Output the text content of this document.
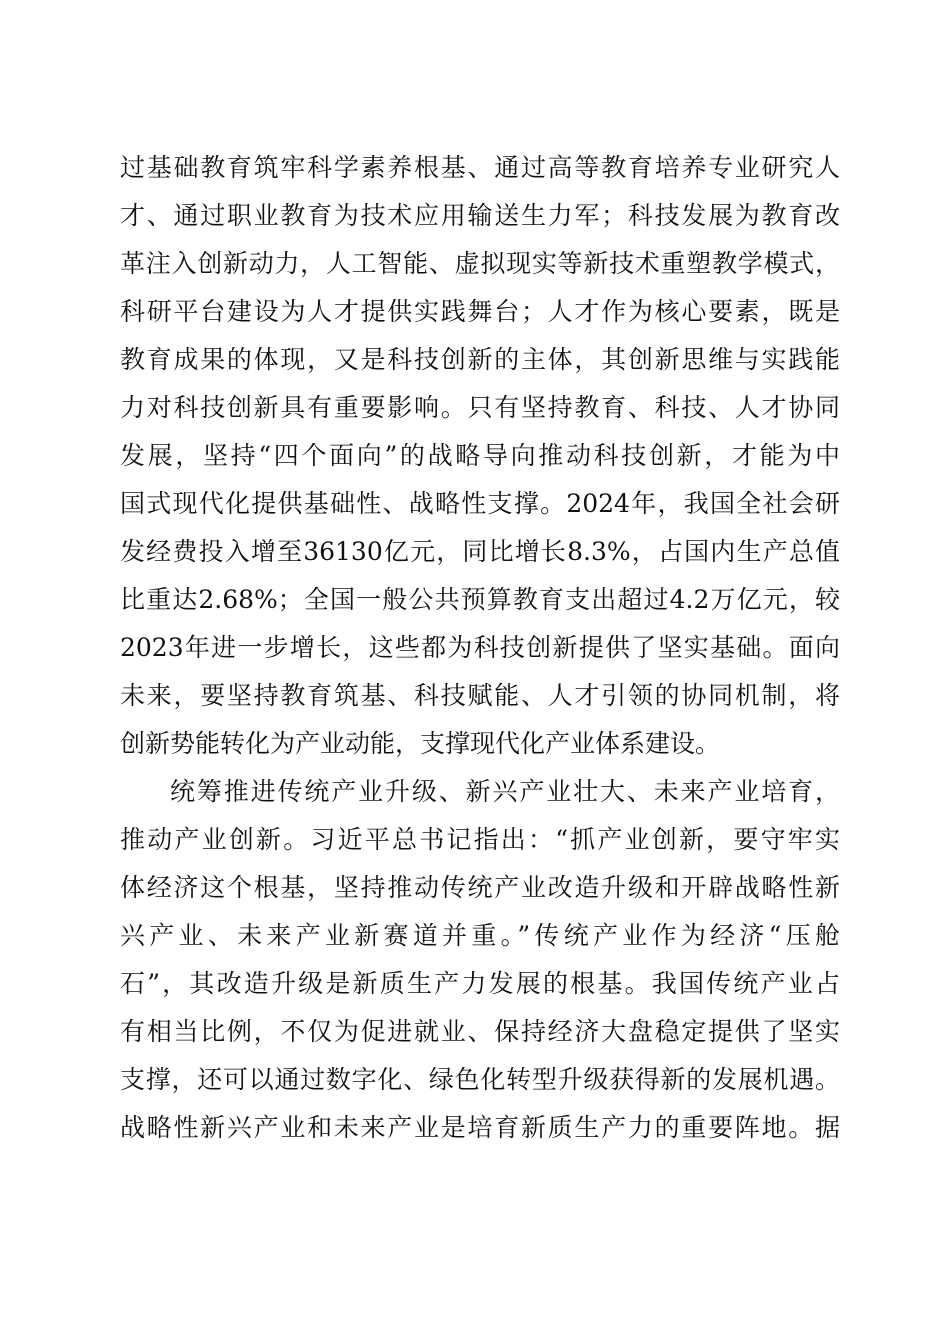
过基础教育筑牢科学素养根基、通过高等教育培养专业研究人
才、通过职业教育为技术应用输送生力军；科技发展为教育改
革注入创新动力，人工智能、虚拟现实等新技术重塑教学模式，
科研平台建设为人才提供实践舞台；人才作为核心要素，既是
教育成果的体现，又是科技创新的主体，其创新思维与实践能
力对科技创新具有重要影响。只有坚持教育、科技、人才协同
发展，坚持“四个面向”的战略导向推动科技创新，才能为中
国式现代化提供基础性、战略性支撑。2024年，我国全社会研
发经费投入增至36130亿元，同比增长8.3%，占国内生产总值
比重达2.68%；全国一般公共预算教育支出超过4.2万亿元，较
2023年进一步增长，这些都为科技创新提供了坚实基础。面向
未来，要坚持教育筑基、科技赋能、人才引领的协同机制，将
创新势能转化为产业动能，支撑现代化产业体系建设。
统筹推进传统产业升级、新兴产业壮大、未来产业培育，
推动产业创新。习近平总书记指出：“抓产业创新，要守牢实
体经济这个根基，坚持推动传统产业改造升级和开辟战略性新
兴产业、未来产业新赛道并重。”传统产业作为经济“压舱
石”，其改造升级是新质生产力发展的根基。我国传统产业占
有相当比例，不仅为促进就业、保持经济大盘稳定提供了坚实
支撑，还可以通过数字化、绿色化转型升级获得新的发展机遇。
战略性新兴产业和未来产业是培育新质生产力的重要阵地。据
